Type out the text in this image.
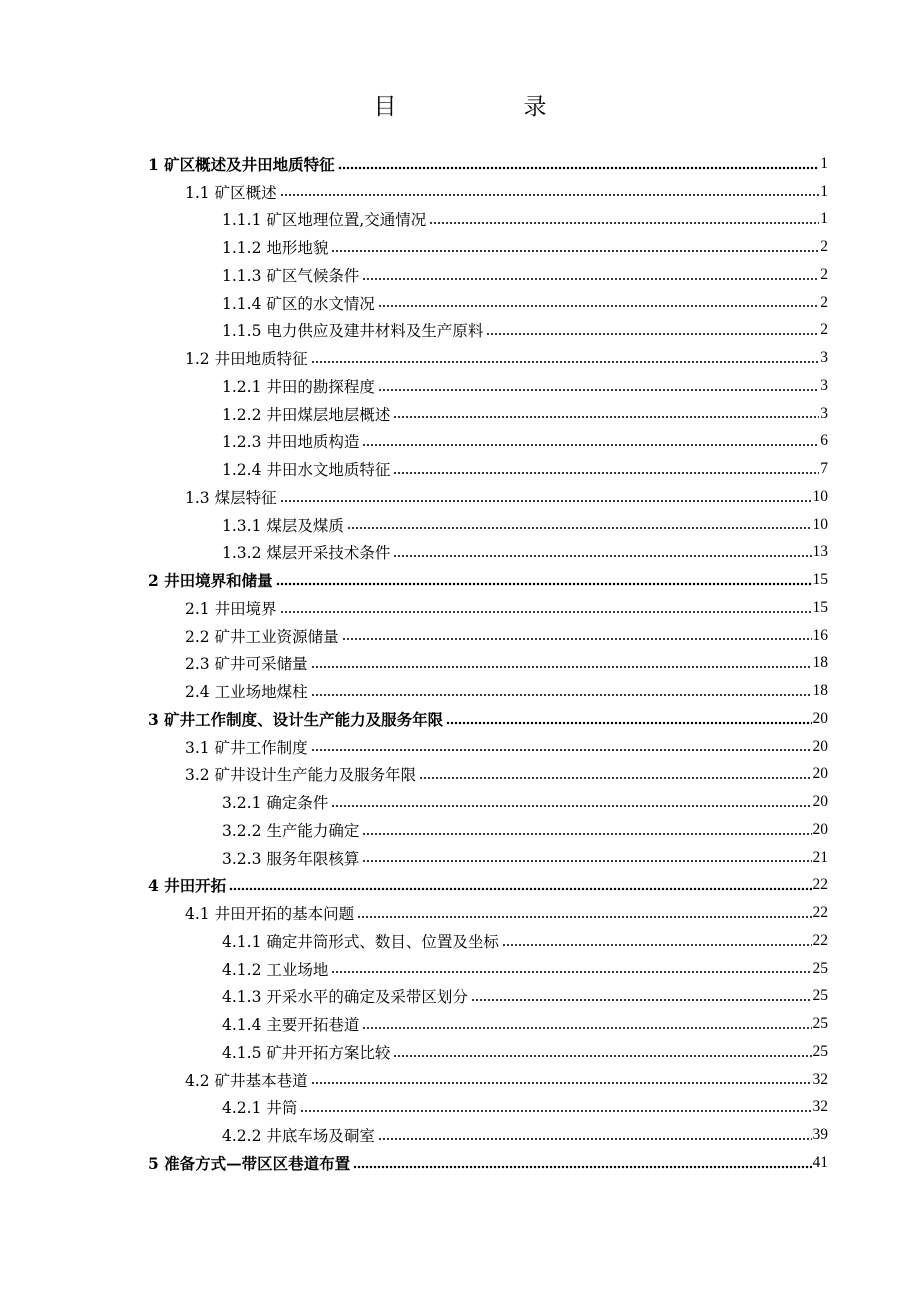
目　录
1 矿区概述及井田地质特征	1
1.1 矿区概述	1
1.1.1 矿区地理位置,交通情况	1
1.1.2 地形地貌	2
1.1.3 矿区气候条件	2
1.1.4 矿区的水文情况	2
1.1.5 电力供应及建井材料及生产原料	2
1.2 井田地质特征	3
1.2.1 井田的勘探程度	3
1.2.2 井田煤层地层概述	3
1.2.3 井田地质构造	6
1.2.4 井田水文地质特征	7
1.3 煤层特征	10
1.3.1 煤层及煤质	10
1.3.2 煤层开采技术条件	13
2 井田境界和储量	15
2.1 井田境界	15
2.2 矿井工业资源储量	16
2.3 矿井可采储量	18
2.4 工业场地煤柱	18
3 矿井工作制度、设计生产能力及服务年限	20
3.1 矿井工作制度	20
3.2 矿井设计生产能力及服务年限	20
3.2.1 确定条件	20
3.2.2 生产能力确定	20
3.2.3 服务年限核算	21
4 井田开拓	22
4.1 井田开拓的基本问题	22
4.1.1 确定井筒形式、数目、位置及坐标	22
4.1.2 工业场地	25
4.1.3 开采水平的确定及采带区划分	25
4.1.4 主要开拓巷道	25
4.1.5 矿井开拓方案比较	25
4.2 矿井基本巷道	32
4.2.1 井筒	32
4.2.2 井底车场及硐室	39
5 准备方式—带区区巷道布置	41
